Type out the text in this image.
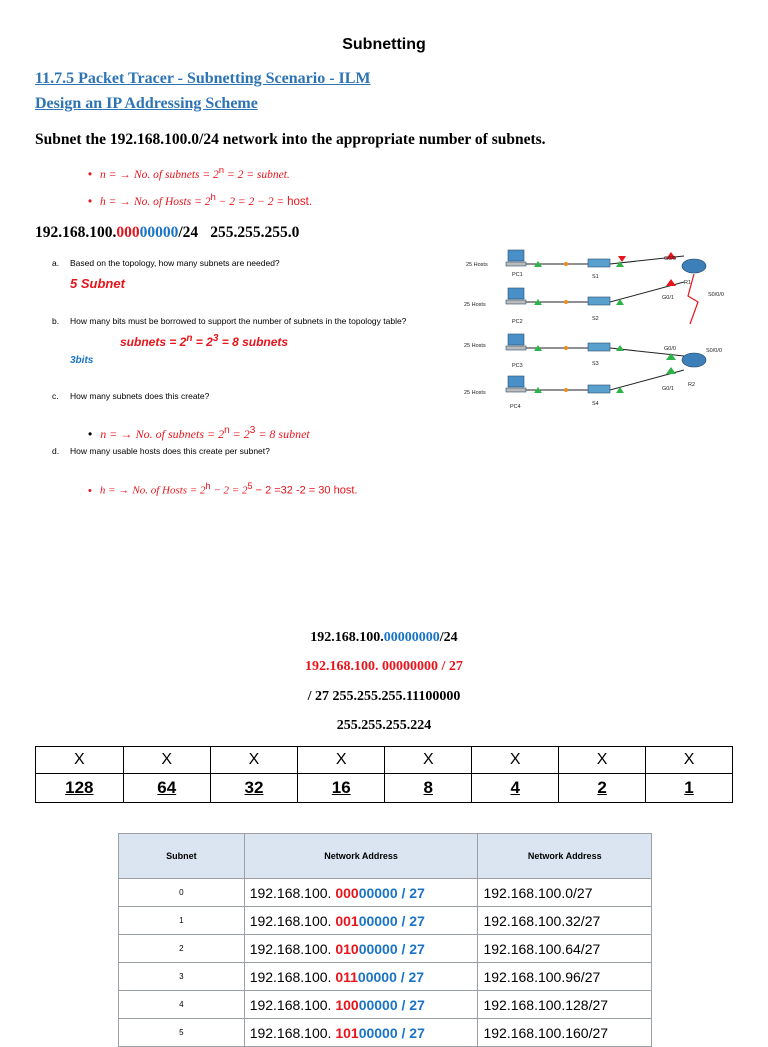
Subnetting
11.7.5 Packet Tracer - Subnetting Scenario - ILM
Design an IP Addressing Scheme
Subnet the 192.168.100.0/24 network into the appropriate number of subnets.
• n = → No. of subnets = $2^n = 2$ = subnet.
• h = → No. of Hosts = $2^h - 2 = 2 - 2$ = host.
192.168.100.00000000/24 255.255.255.0
a. Based on the topology, how many subnets are needed?
5 Subnet
b. How many bits must be borrowed to support the number of subnets in the topology table?
subnets = $2^n = 2^3 = 8$ subnets
3bits
c. How many subnets does this create?
• n = → No. of subnets = $2^n = 2^3 = 8$ subnet
d. How many usable hosts does this create per subnet?
• h = → No. of Hosts = $2^h - 2 = 2^5 - 2 =32$ -2 = 30 host.
25 Hosts
25 Hosts
25 Hosts
25 Hosts
PC1
PC2
PC3
PC4
S1
S2
S3
S4
R1
R2
G0/0
G0/1	S0/0/0
G0/0	S0/0/0
G0/1
192.168.100.00000000/24
192.168.100. 00000000 / 27
/ 27 255.255.255.11100000
255.255.255.224
X	X	X	X	X	X	X	X
128	64	32	16	8	4	2	1
Subnet	Network Address	Network Address
0	192.168.100. 00000000 / 27	192.168.100.0/27
1	192.168.100. 00100000 / 27	192.168.100.32/27
2	192.168.100. 01000000 / 27	192.168.100.64/27
3	192.168.100. 01100000 / 27	192.168.100.96/27
4	192.168.100. 10000000 / 27	192.168.100.128/27
5	192.168.100. 10100000 / 27	192.168.100.160/27
